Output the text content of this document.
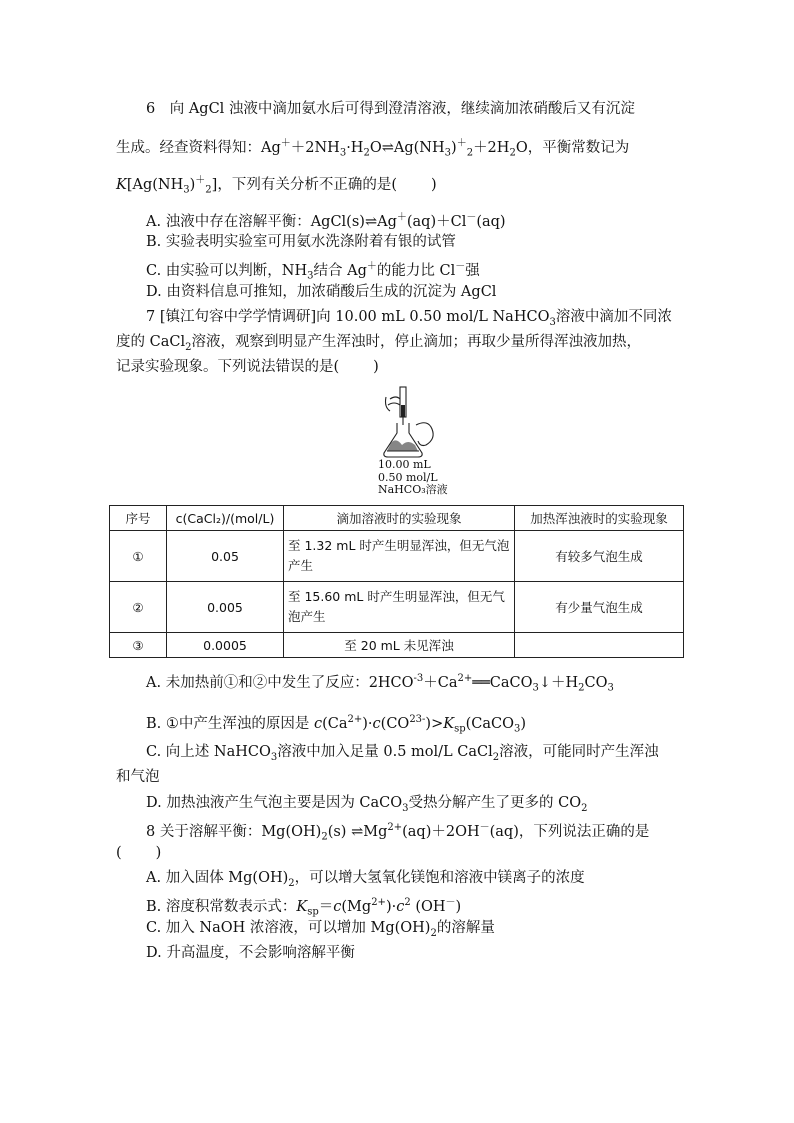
6　向 AgCl 浊液中滴加氨水后可得到澄清溶液，继续滴加浓硝酸后又有沉淀
生成。经查资料得知：$Ag^++2NH_3\cdot H_2O\rightleftharpoons Ag(NH_3)^+_2+2H_2O$，平衡常数记为
$K[Ag(NH_3)^+_2]$，下列有关分析不正确的是( )
A. 浊液中存在溶解平衡：AgCl(s)⇌Ag＋(aq)＋Cl－(aq)
B. 实验表明实验室可用氨水洗涤附着有银的试管
C. 由实验可以判断，$NH_3$结合 Ag＋的能力比 Cl－强
D. 由资料信息可推知，加浓硝酸后生成的沉淀为 AgCl
7 [镇江句容中学学情调研]向 10.00 mL 0.50 mol/L NaHCO$_3$溶液中滴加不同浓
度的 CaCl$_2$溶液，观察到明显产生浑浊时，停止滴加；再取少量所得浑浊液加热，
记录实验现象。下列说法错误的是( )
10.00 mL
0.50 mol/L
NaHCO₃溶液
序号	c(CaCl₂)/(mol/L)	滴加溶液时的实验现象	加热浑浊液时的实验现象
①	0.05	至 1.32 mL 时产生明显浑浊，但无气泡产生	有较多气泡生成
②	0.005	至 15.60 mL 时产生明显浑浊，但无气泡产生	有少量气泡生成
③	0.0005	至 20 mL 未见浑浊	
A. 未加热前①和②中发生了反应：$2HCO^{-3}+Ca^{2+}══CaCO_3↓+H_2CO_3$
B. ①中产生浑浊的原因是 $c(Ca^{2+})\cdot c(CO^{23-})>K_{sp}(CaCO_3)$
C. 向上述 NaHCO$_3$溶液中加入足量 0.5 mol/L CaCl$_2$溶液，可能同时产生浑浊
和气泡
D. 加热浊液产生气泡主要是因为 CaCO$_3$受热分解产生了更多的 $CO_2$
8 关于溶解平衡：$Mg(OH)_2(s)$ $\rightleftharpoons Mg^{2+}(aq)+2OH^-(aq)$，下列说法正确的是
( )
A. 加入固体 $Mg(OH)_2$，可以增大氢氧化镁饱和溶液中镁离子的浓度
B. 溶度积常数表示式：$K_{sp}=c(Mg^{2+})\cdot c^2$ (OH－)
C. 加入 NaOH 浓溶液，可以增加 $Mg(OH)_2$的溶解量
D. 升高温度，不会影响溶解平衡
